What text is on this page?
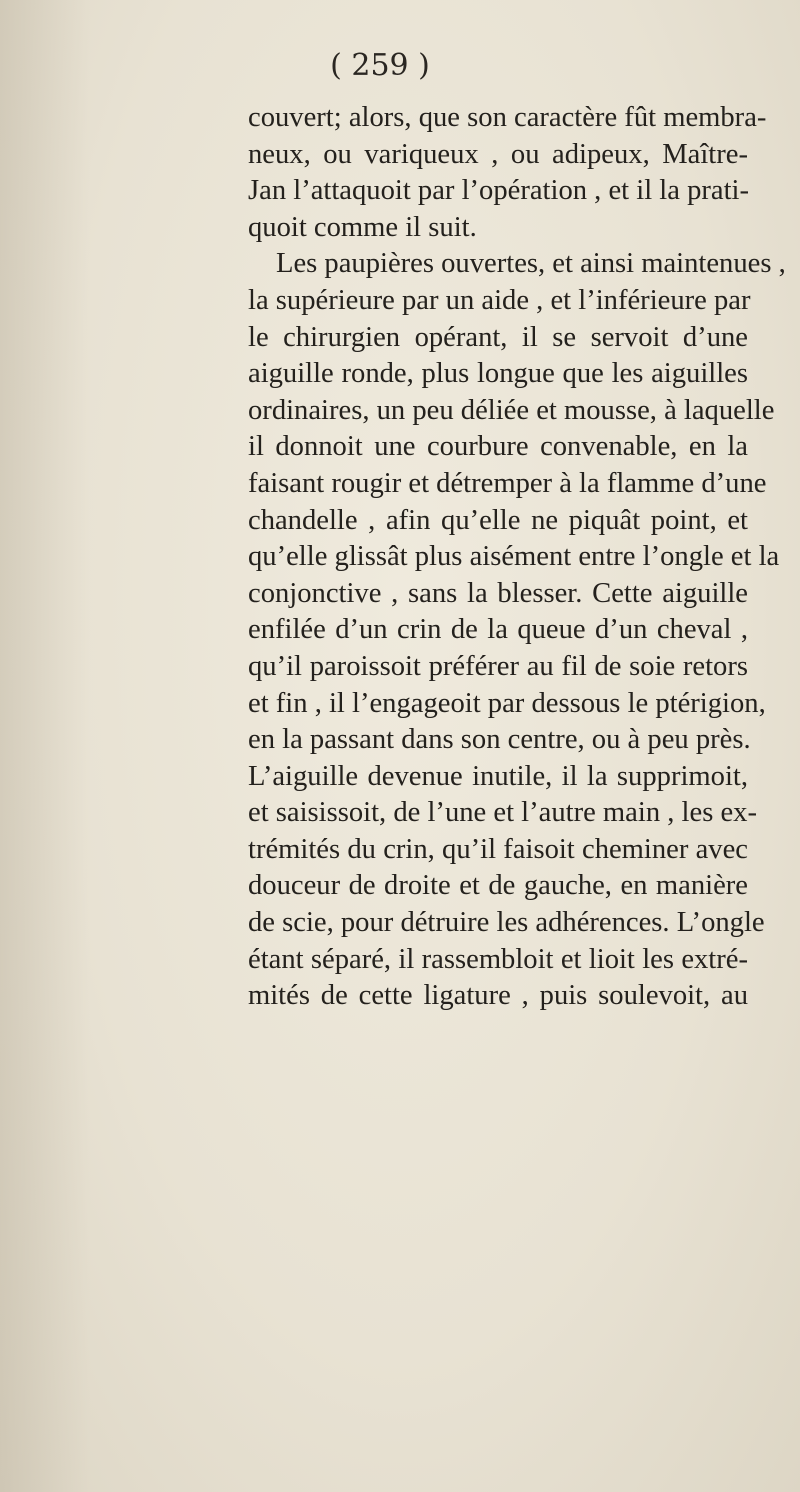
( 259 )
couvert; alors, que son caractère fût membra-
neux, ou variqueux , ou adipeux, Maître-
Jan l’attaquoit par l’opération , et il la prati-
quoit comme il suit.
Les paupières ouvertes, et ainsi maintenues ,
la supérieure par un aide , et l’inférieure par
le chirurgien opérant, il se servoit d’une
aiguille ronde, plus longue que les aiguilles
ordinaires, un peu déliée et mousse, à laquelle
il donnoit une courbure convenable, en la
faisant rougir et détremper à la flamme d’une
chandelle , afin qu’elle ne piquât point, et
qu’elle glissât plus aisément entre l’ongle et la
conjonctive , sans la blesser. Cette aiguille
enfilée d’un crin de la queue d’un cheval ,
qu’il paroissoit préférer au fil de soie retors
et fin , il l’engageoit par dessous le ptérigion,
en la passant dans son centre, ou à peu près.
L’aiguille devenue inutile, il la supprimoit,
et saisissoit, de l’une et l’autre main , les ex-
trémités du crin, qu’il faisoit cheminer avec
douceur de droite et de gauche, en manière
de scie, pour détruire les adhérences. L’ongle
étant séparé, il rassembloit et lioit les extré-
mités de cette ligature , puis soulevoit, au
